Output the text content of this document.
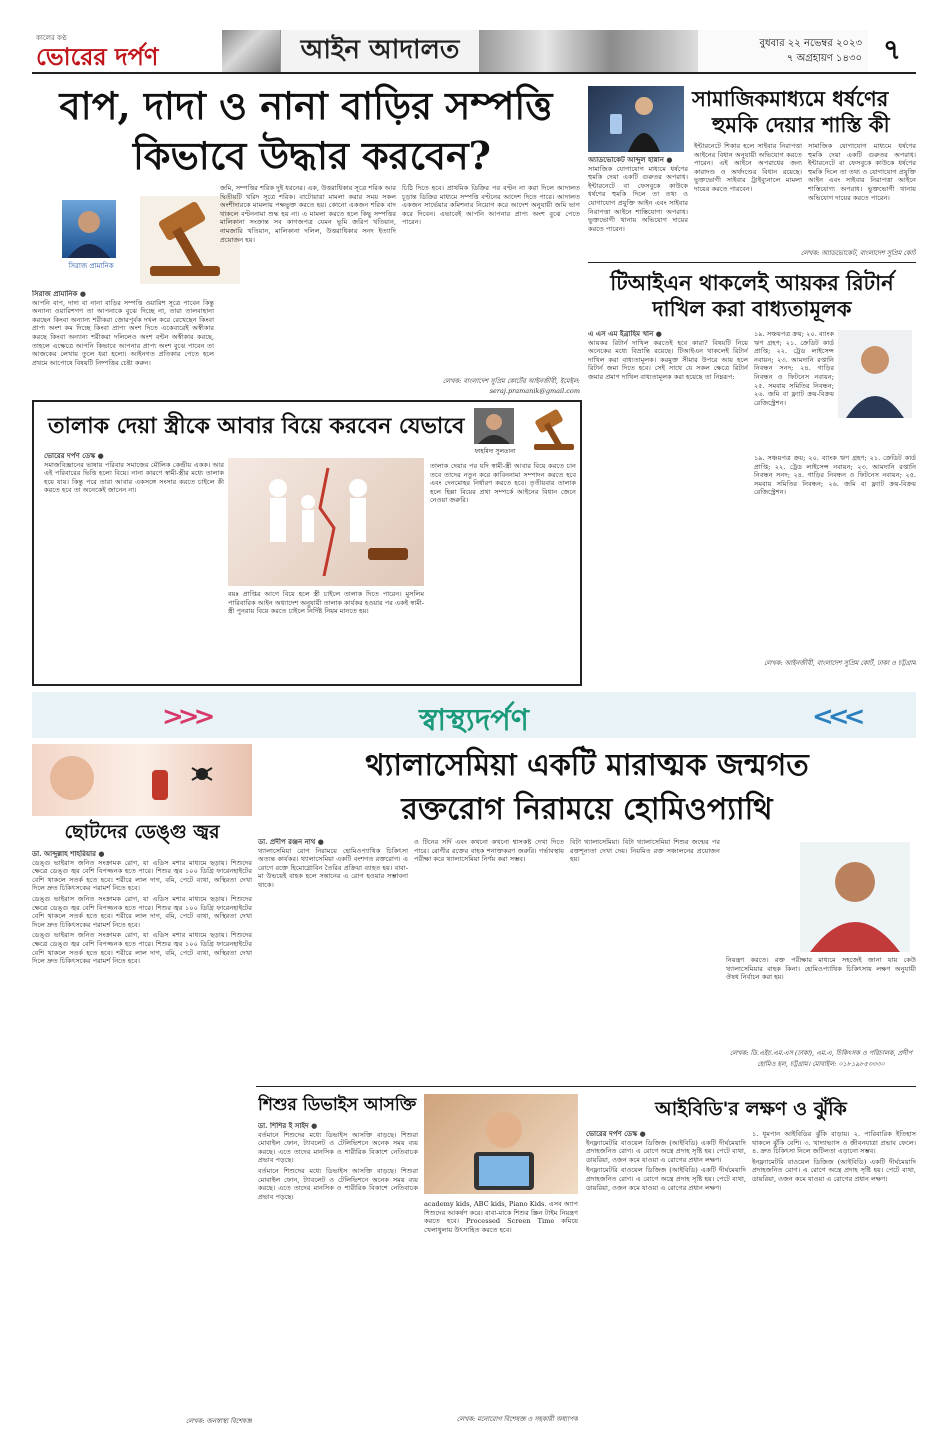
কালের কণ্ঠ
ভোরের দর্পণ	আইন আদালত	বুধবার ২২ নভেম্বর ২০২৩
৭ অগ্রহায়ণ ১৪৩০ ৭
বাপ, দাদা ও নানা বাড়ির সম্পত্তি
কিভাবে উদ্ধার করবেন?
সিরাজ প্রামানিক
সিরাজ প্রামানিক ●

আপনি বাপ, দাদা বা নানা বাড়ির সম্পত্তি ওয়ারিশ সূত্রে পাবেন কিন্তু অন্যান্য ওয়ারিশগণ তা আপনাকে বুঝে দিচ্ছে না, তারা তালবাহানা করছেন কিংবা অন্যান্য শরীকরা জোরপূর্বক দখল করে রেখেছেন কিংবা প্রাপ্য অংশ কম দিচ্ছে কিংবা প্রাপ্য অংশ দিতে একেবারেই অস্বীকার করছে কিংবা অন্যান্য শরীকরা দলিলেও অংশ বন্টন অস্বীকার করছে, তাহলে এক্ষেত্রে আপনি কিভাবে আপনার প্রাপ্য অংশ বুঝে পাবেন তা আজকের লেখায় তুলে ধরা হলো। আইনগত প্রতিকার পেতে হলে প্রথমে আপোষে বিষয়টি নিষ্পত্তির চেষ্টা করুন।

জমি, সম্পত্তির শরিক দুই ধরনের। এক, উত্তরাধিকার সূত্রে শরিক আর দ্বিতীয়টি খরিদ সূত্রে শরিক। বাটোয়ারা মামলা করার সময় সকল অংশীদারকে মামলায় পক্ষভুক্ত করতে হয়। কোনো একজন শরিক বাদ থাকলে বণ্টননামা শুদ্ধ হয় না। এ মামলা করতে হলে কিছু সম্পত্তির মালিকানা সংক্রান্ত সব কাগজপত্র যেমন ভূমি জরিপ খতিয়ান, নামজারি খতিয়ান, মালিকানা দলিল, উত্তরাধিকার সনদ ইত্যাদি প্রয়োজন হয়।

চিঠি দিতে হবে। প্রাথমিক ডিক্রির পর বণ্টন না করা দিলে আদালত চূড়ান্ত ডিক্রির মাধ্যমে সম্পত্তি বণ্টনের আদেশ দিতে পারে। আদালত একজন সার্ভেয়ার কমিশনার নিয়োগ করে আদেশ অনুযায়ী জমি ভাগ করে দিবেন। এভাবেই আপনি আপনার প্রাপ্য অংশ বুঝে পেতে পারেন।

লেখক: বাংলাদেশ সুপ্রিম কোর্টের আইনজীবী, ইমেইল: seraj.pramanik@gmail.com
সামাজিকমাধ্যমে ধর্ষণের
হুমকি দেয়ার শাস্তি কী
অ্যাডভোকেট আব্দুল হান্নান ●

সামাজিক যোগাযোগ মাধ্যমে ধর্ষণের হুমকি দেয়া একটি গুরুতর অপরাধ। ইন্টারনেটে বা ফেসবুকে কাউকে ধর্ষণের হুমকি দিলে তা তথ্য ও যোগাযোগ প্রযুক্তি আইন এবং সাইবার নিরাপত্তা আইনে শাস্তিযোগ্য অপরাধ। ভুক্তভোগী থানায় অভিযোগ দায়ের করতে পারেন।

ইন্টারনেটে শিকার হলে সাইবার নিরাপত্তা আইনের বিধান অনুযায়ী অভিযোগ করতে পারেন। এই আইনে অপরাধের জন্য কারাদণ্ড ও অর্থদণ্ডের বিধান রয়েছে। ভুক্তভোগী সাইবার ট্রাইব্যুনালে মামলা দায়ের করতে পারবেন।

সামাজিক যোগাযোগ মাধ্যমে ধর্ষণের হুমকি দেয়া একটি গুরুতর অপরাধ। ইন্টারনেটে বা ফেসবুকে কাউকে ধর্ষণের হুমকি দিলে তা তথ্য ও যোগাযোগ প্রযুক্তি আইন এবং সাইবার নিরাপত্তা আইনে শাস্তিযোগ্য অপরাধ। ভুক্তভোগী থানায় অভিযোগ দায়ের করতে পারেন।

লেখক: অ্যাডভোকেট, বাংলাদেশ সুপ্রিম কোর্ট
টিআইএন থাকলেই আয়কর রিটার্ন
দাখিল করা বাধ্যতামূলক
এ এস এম ইব্রাহিম খান ●

আয়কর রিটার্ন দাখিল করতেই হবে কারা? বিষয়টি নিয়ে অনেকের মধ্যে বিভ্রান্তি রয়েছে। টিআইএন থাকলেই রিটার্ন দাখিল করা বাধ্যতামূলক। করমুক্ত সীমার উপরে আয় হলে রিটার্ন জমা দিতে হবে। সেই সাথে যে সকল ক্ষেত্রে রিটার্ন জমার প্রমাণ দাখিল বাধ্যতামূলক করা হয়েছে তা নিম্নরূপ:

১৯. সঞ্চয়পত্র ক্রয়; ২০. ব্যাংক ঋণ গ্রহণ; ২১. ক্রেডিট কার্ড প্রাপ্তি; ২২. ট্রেড লাইসেন্স নবায়ন; ২৩. আমদানি রপ্তানি নিবন্ধন সনদ; ২৪. গাড়ির নিবন্ধন ও ফিটনেস নবায়ন; ২৫. সমবায় সমিতির নিবন্ধন; ২৬. জমি বা ফ্ল্যাট ক্রয়-বিক্রয় রেজিস্ট্রেশন।

১৯. সঞ্চয়পত্র ক্রয়; ২০. ব্যাংক ঋণ গ্রহণ; ২১. ক্রেডিট কার্ড প্রাপ্তি; ২২. ট্রেড লাইসেন্স নবায়ন; ২৩. আমদানি রপ্তানি নিবন্ধন সনদ; ২৪. গাড়ির নিবন্ধন ও ফিটনেস নবায়ন; ২৫. সমবায় সমিতির নিবন্ধন; ২৬. জমি বা ফ্ল্যাট ক্রয়-বিক্রয় রেজিস্ট্রেশন।

লেখক: আইনজীবী, বাংলাদেশ সুপ্রিম কোর্ট, ঢাকা ও চট্টগ্রাম
তালাক দেয়া স্ত্রীকে আবার বিয়ে করবেন যেভাবে
ফাহমিদা সুলতানা
ভোরের দর্পণ ডেস্ক ●

সমাজবিজ্ঞানের ভাষায় পরিবার সমাজের মৌলিক কেন্দ্রীয় একক। আর এই পরিবারের ভিত্তি হলো বিয়ে। নানা কারণে স্বামী-স্ত্রীর মধ্যে তালাক হয়ে যায়। কিন্তু পরে তারা আবার একসঙ্গে সংসার করতে চাইলে কী করতে হবে তা অনেকেই জানেন না।

বয়ঃ প্রাপ্তির আগে বিয়ে হলে স্ত্রী চাইলে তালাক দিতে পারেন। মুসলিম পারিবারিক আইন অধ্যাদেশ অনুযায়ী তালাক কার্যকর হওয়ার পর একই স্বামী-স্ত্রী পুনরায় বিয়ে করতে চাইলে নির্দিষ্ট নিয়ম মানতে হয়।

তালাক দেয়ার পর যদি স্বামী-স্ত্রী আবার বিয়ে করতে চান তবে তাদের নতুন করে কাবিননামা সম্পাদন করতে হবে এবং দেনমোহর নির্ধারণ করতে হবে। তৃতীয়বার তালাক হলে হিল্লা বিয়ের প্রথা সম্পর্কে আইনের বিধান জেনে নেওয়া জরুরি।

>>>	স্বাস্থ্যদর্পণ	<<<
থ্যালাসেমিয়া একটি মারাত্মক জন্মগত
রক্তরোগ নিরাময়ে হোমিওপ্যাথি
ডা. প্রদীপ রঞ্জন নাথ ●

থ্যালাসেমিয়া রোগ নিরাময়ে হোমিওপ্যাথিক চিকিৎসা অত্যন্ত কার্যকর। থ্যালাসেমিয়া একটি বংশগত রক্তরোগ। এ রোগে রক্তে হিমোগ্লোবিন তৈরির প্রক্রিয়া ব্যাহত হয়। বাবা-মা উভয়েই বাহক হলে সন্তানের এ রোগ হওয়ার সম্ভাবনা থাকে।

ও টিনের সর্দি এবং কখনো কখনো শ্বাসকষ্ট দেখা দিতে পারে। রোগীর রক্তের বাহক শনাক্তকরণ জরুরি। গর্ভাবস্থায় পরীক্ষা করে থ্যালাসেমিয়া নির্ণয় করা সম্ভব।

বিটা থ্যালাসেমিয়া। বিটা থ্যালাসেমিয়া শিশুর জন্মের পর রক্তশূন্যতা দেখা দেয়। নিয়মিত রক্ত সঞ্চালনের প্রয়োজন হয়।

নিয়ন্ত্রণ করতে। রক্ত পরীক্ষার মাধ্যমে সহজেই জানা যায় কেউ থ্যালাসেমিয়ার বাহক কিনা। হোমিওপ্যাথিক চিকিৎসায় লক্ষণ অনুযায়ী ঔষধ নির্বাচন করা হয়।

লেখক: ডি.এইচ.এম.এস (ঢাকা), এম.এ, চিকিৎসক ও পরিচালক, প্রদীপ হোমিও হল, চট্টগ্রাম। মোবাইল: ০১৮১৯৮৫৩৩৩০
ছোটদের ডেঙ্গু জ্বর
ডা. আব্দুল্লাহ শাহরিয়ার ●

ডেঙ্গু ভাইরাস জনিত সংক্রামক রোগ, যা এডিস মশার মাধ্যমে ছড়ায়। শিশুদের ক্ষেত্রে ডেঙ্গু জ্বর বেশি বিপজ্জনক হতে পারে। শিশুর জ্বর ১০০ ডিগ্রি ফারেনহাইটের বেশি থাকলে সতর্ক হতে হবে। শরীরে লাল দাগ, বমি, পেটে ব্যথা, অস্থিরতা দেখা দিলে দ্রুত চিকিৎসকের পরামর্শ নিতে হবে।

ডেঙ্গু ভাইরাস জনিত সংক্রামক রোগ, যা এডিস মশার মাধ্যমে ছড়ায়। শিশুদের ক্ষেত্রে ডেঙ্গু জ্বর বেশি বিপজ্জনক হতে পারে। শিশুর জ্বর ১০০ ডিগ্রি ফারেনহাইটের বেশি থাকলে সতর্ক হতে হবে। শরীরে লাল দাগ, বমি, পেটে ব্যথা, অস্থিরতা দেখা দিলে দ্রুত চিকিৎসকের পরামর্শ নিতে হবে।

ডেঙ্গু ভাইরাস জনিত সংক্রামক রোগ, যা এডিস মশার মাধ্যমে ছড়ায়। শিশুদের ক্ষেত্রে ডেঙ্গু জ্বর বেশি বিপজ্জনক হতে পারে। শিশুর জ্বর ১০০ ডিগ্রি ফারেনহাইটের বেশি থাকলে সতর্ক হতে হবে। শরীরে লাল দাগ, বমি, পেটে ব্যথা, অস্থিরতা দেখা দিলে দ্রুত চিকিৎসকের পরামর্শ নিতে হবে।

লেখক: জনস্বাস্থ্য বিশেষজ্ঞ
শিশুর ডিভাইস আসক্তি
ডা. শিশির ই সাইদ ●

বর্তমানে শিশুদের মধ্যে ডিভাইস আসক্তি বাড়ছে। শিশুরা মোবাইল ফোন, ট্যাবলেট ও টেলিভিশনে অনেক সময় ব্যয় করছে। এতে তাদের মানসিক ও শারীরিক বিকাশে নেতিবাচক প্রভাব পড়ছে।

বর্তমানে শিশুদের মধ্যে ডিভাইস আসক্তি বাড়ছে। শিশুরা মোবাইল ফোন, ট্যাবলেট ও টেলিভিশনে অনেক সময় ব্যয় করছে। এতে তাদের মানসিক ও শারীরিক বিকাশে নেতিবাচক প্রভাব পড়ছে।

academy kids, ABC kids, Piano Kids. এসব অ্যাপ শিশুদের আকর্ষণ করে। বাবা-মাকে শিশুর স্ক্রিন টাইম নিয়ন্ত্রণ করতে হবে। Processed Screen Time কমিয়ে খেলাধুলায় উৎসাহিত করতে হবে।

লেখক: মনোরোগ বিশেষজ্ঞ ও সহকারী অধ্যাপক
আইবিডি'র লক্ষণ ও ঝুঁকি
ভোরের দর্পণ ডেস্ক ●

ইনফ্ল্যামেটরি বাওয়েল ডিজিজ (আইবিডি) একটি দীর্ঘমেয়াদি প্রদাহজনিত রোগ। এ রোগে অন্ত্রে প্রদাহ সৃষ্টি হয়। পেটে ব্যথা, ডায়রিয়া, ওজন কমে যাওয়া এ রোগের প্রধান লক্ষণ।

ইনফ্ল্যামেটরি বাওয়েল ডিজিজ (আইবিডি) একটি দীর্ঘমেয়াদি প্রদাহজনিত রোগ। এ রোগে অন্ত্রে প্রদাহ সৃষ্টি হয়। পেটে ব্যথা, ডায়রিয়া, ওজন কমে যাওয়া এ রোগের প্রধান লক্ষণ।

১. ধূমপান আইবিডির ঝুঁকি বাড়ায়। ২. পারিবারিক ইতিহাস থাকলে ঝুঁকি বেশি। ৩. খাদ্যাভ্যাস ও জীবনযাত্রা প্রভাব ফেলে। ৪. দ্রুত চিকিৎসা নিলে জটিলতা এড়ানো সম্ভব।

ইনফ্ল্যামেটরি বাওয়েল ডিজিজ (আইবিডি) একটি দীর্ঘমেয়াদি প্রদাহজনিত রোগ। এ রোগে অন্ত্রে প্রদাহ সৃষ্টি হয়। পেটে ব্যথা, ডায়রিয়া, ওজন কমে যাওয়া এ রোগের প্রধান লক্ষণ।
